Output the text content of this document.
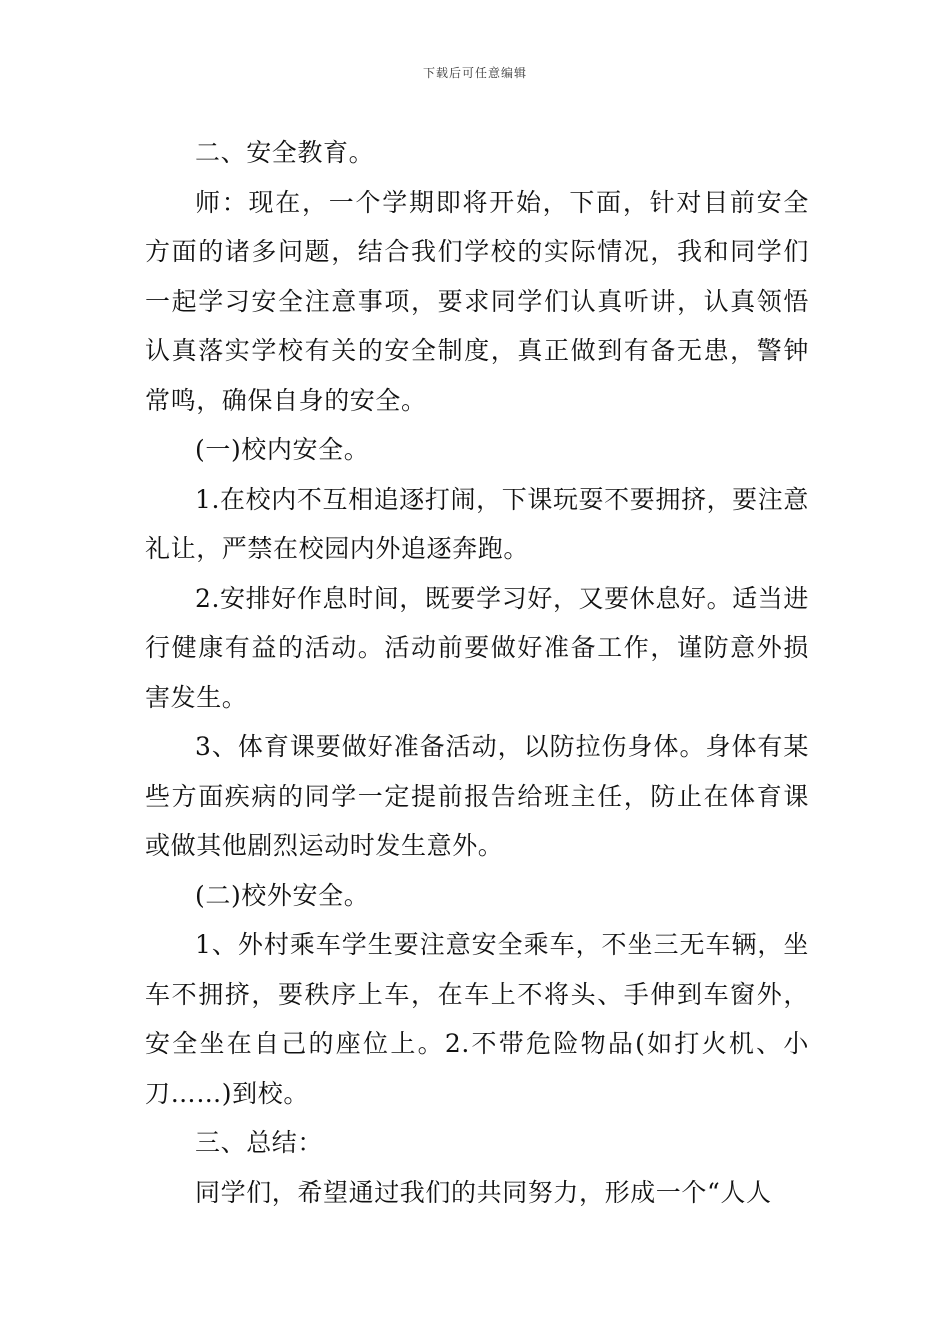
下载后可任意编辑

二、安全教育。

师：现在，一个学期即将开始，下面，针对目前安全方面的诸多问题，结合我们学校的实际情况，我和同学们一起学习安全注意事项，要求同学们认真听讲，认真领悟认真落实学校有关的安全制度，真正做到有备无患，警钟常鸣，确保自身的安全。

(一)校内安全。

1.在校内不互相追逐打闹，下课玩耍不要拥挤，要注意礼让，严禁在校园内外追逐奔跑。

2.安排好作息时间，既要学习好，又要休息好。适当进行健康有益的活动。活动前要做好准备工作，谨防意外损害发生。

3、体育课要做好准备活动，以防拉伤身体。身体有某些方面疾病的同学一定提前报告给班主任，防止在体育课或做其他剧烈运动时发生意外。

(二)校外安全。

1、外村乘车学生要注意安全乘车，不坐三无车辆，坐车不拥挤，要秩序上车，在车上不将头、手伸到车窗外，安全坐在自己的座位上。2.不带危险物品(如打火机、小刀……)到校。

三、总结：

同学们，希望通过我们的共同努力，形成一个“人人
